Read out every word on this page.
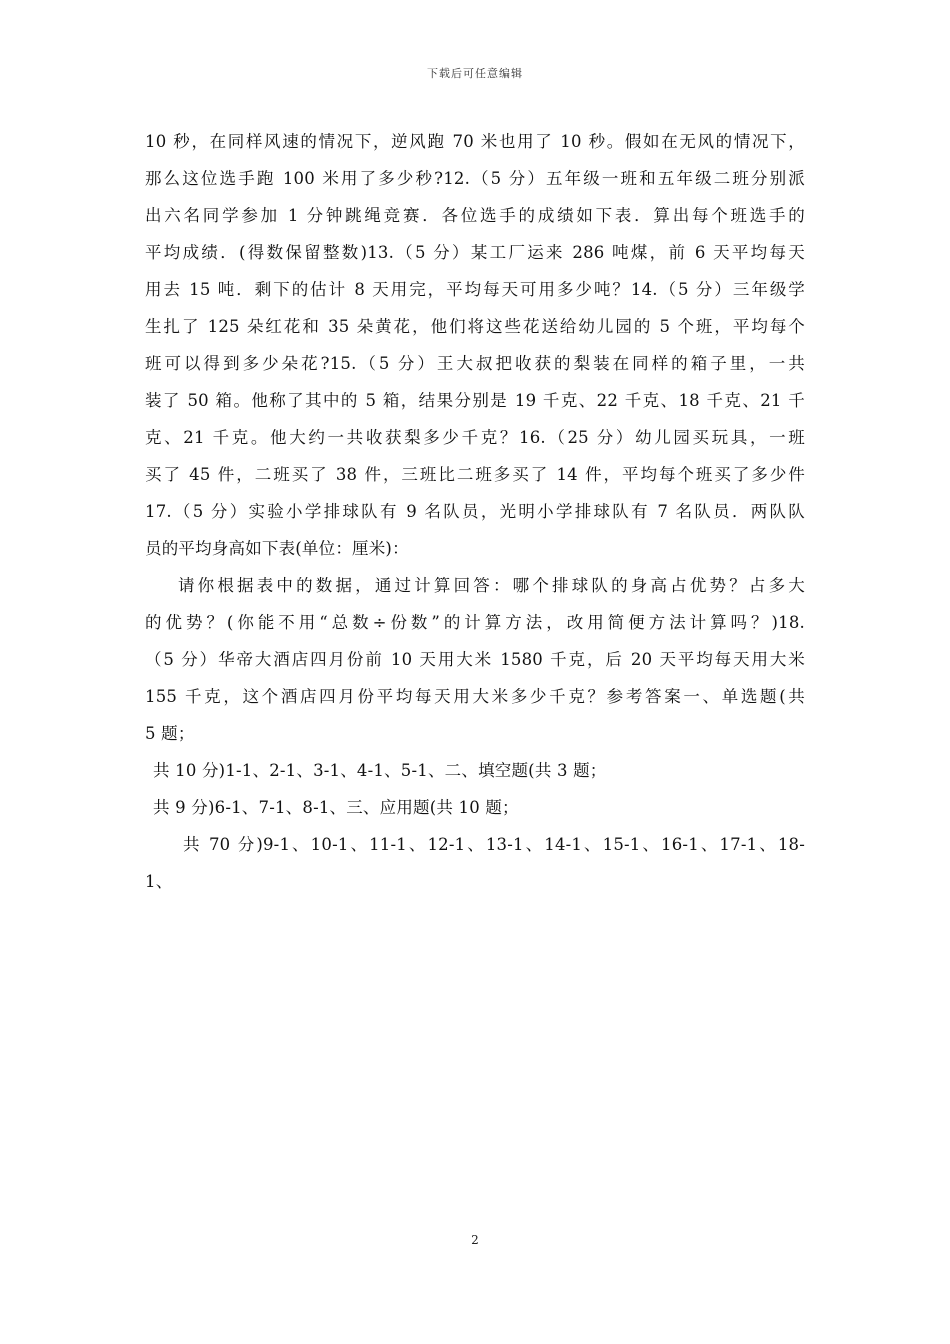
下载后可任意编辑
10 秒，在同样风速的情况下，逆风跑 70 米也用了 10 秒。假如在无风的情况下，
那么这位选手跑 100 米用了多少秒?12.（5 分）五年级一班和五年级二班分别派
出六名同学参加 1 分钟跳绳竞赛．各位选手的成绩如下表．算出每个班选手的
平均成绩．(得数保留整数)13.（5 分）某工厂运来 286 吨煤，前 6 天平均每天
用去 15 吨．剩下的估计 8 天用完，平均每天可用多少吨？14.（5 分）三年级学
生扎了 125 朵红花和 35 朵黄花，他们将这些花送给幼儿园的 5 个班，平均每个
班可以得到多少朵花?15.（5 分）王大叔把收获的梨装在同样的箱子里，一共
装了 50 箱。他称了其中的 5 箱，结果分别是 19 千克、22 千克、18 千克、21 千
克、21 千克。他大约一共收获梨多少千克？16.（25 分）幼儿园买玩具，一班
买了 45 件，二班买了 38 件，三班比二班多买了 14 件，平均每个班买了多少件
17.（5 分）实验小学排球队有 9 名队员，光明小学排球队有 7 名队员．两队队
员的平均身高如下表(单位：厘米)：
请你根据表中的数据，通过计算回答：哪个排球队的身高占优势？占多大
的优势？(你能不用“总数÷份数”的计算方法，改用简便方法计算吗？)18.
（5 分）华帝大酒店四月份前 10 天用大米 1580 千克，后 20 天平均每天用大米
155 千克，这个酒店四月份平均每天用大米多少千克？参考答案一、单选题(共
5 题；
共 10 分)1-1、2-1、3-1、4-1、5-1、二、填空题(共 3 题；
共 9 分)6-1、7-1、8-1、三、应用题(共 10 题；
共 70 分)9-1、10-1、11-1、12-1、13-1、14-1、15-1、16-1、17-1、18-
1、
2
